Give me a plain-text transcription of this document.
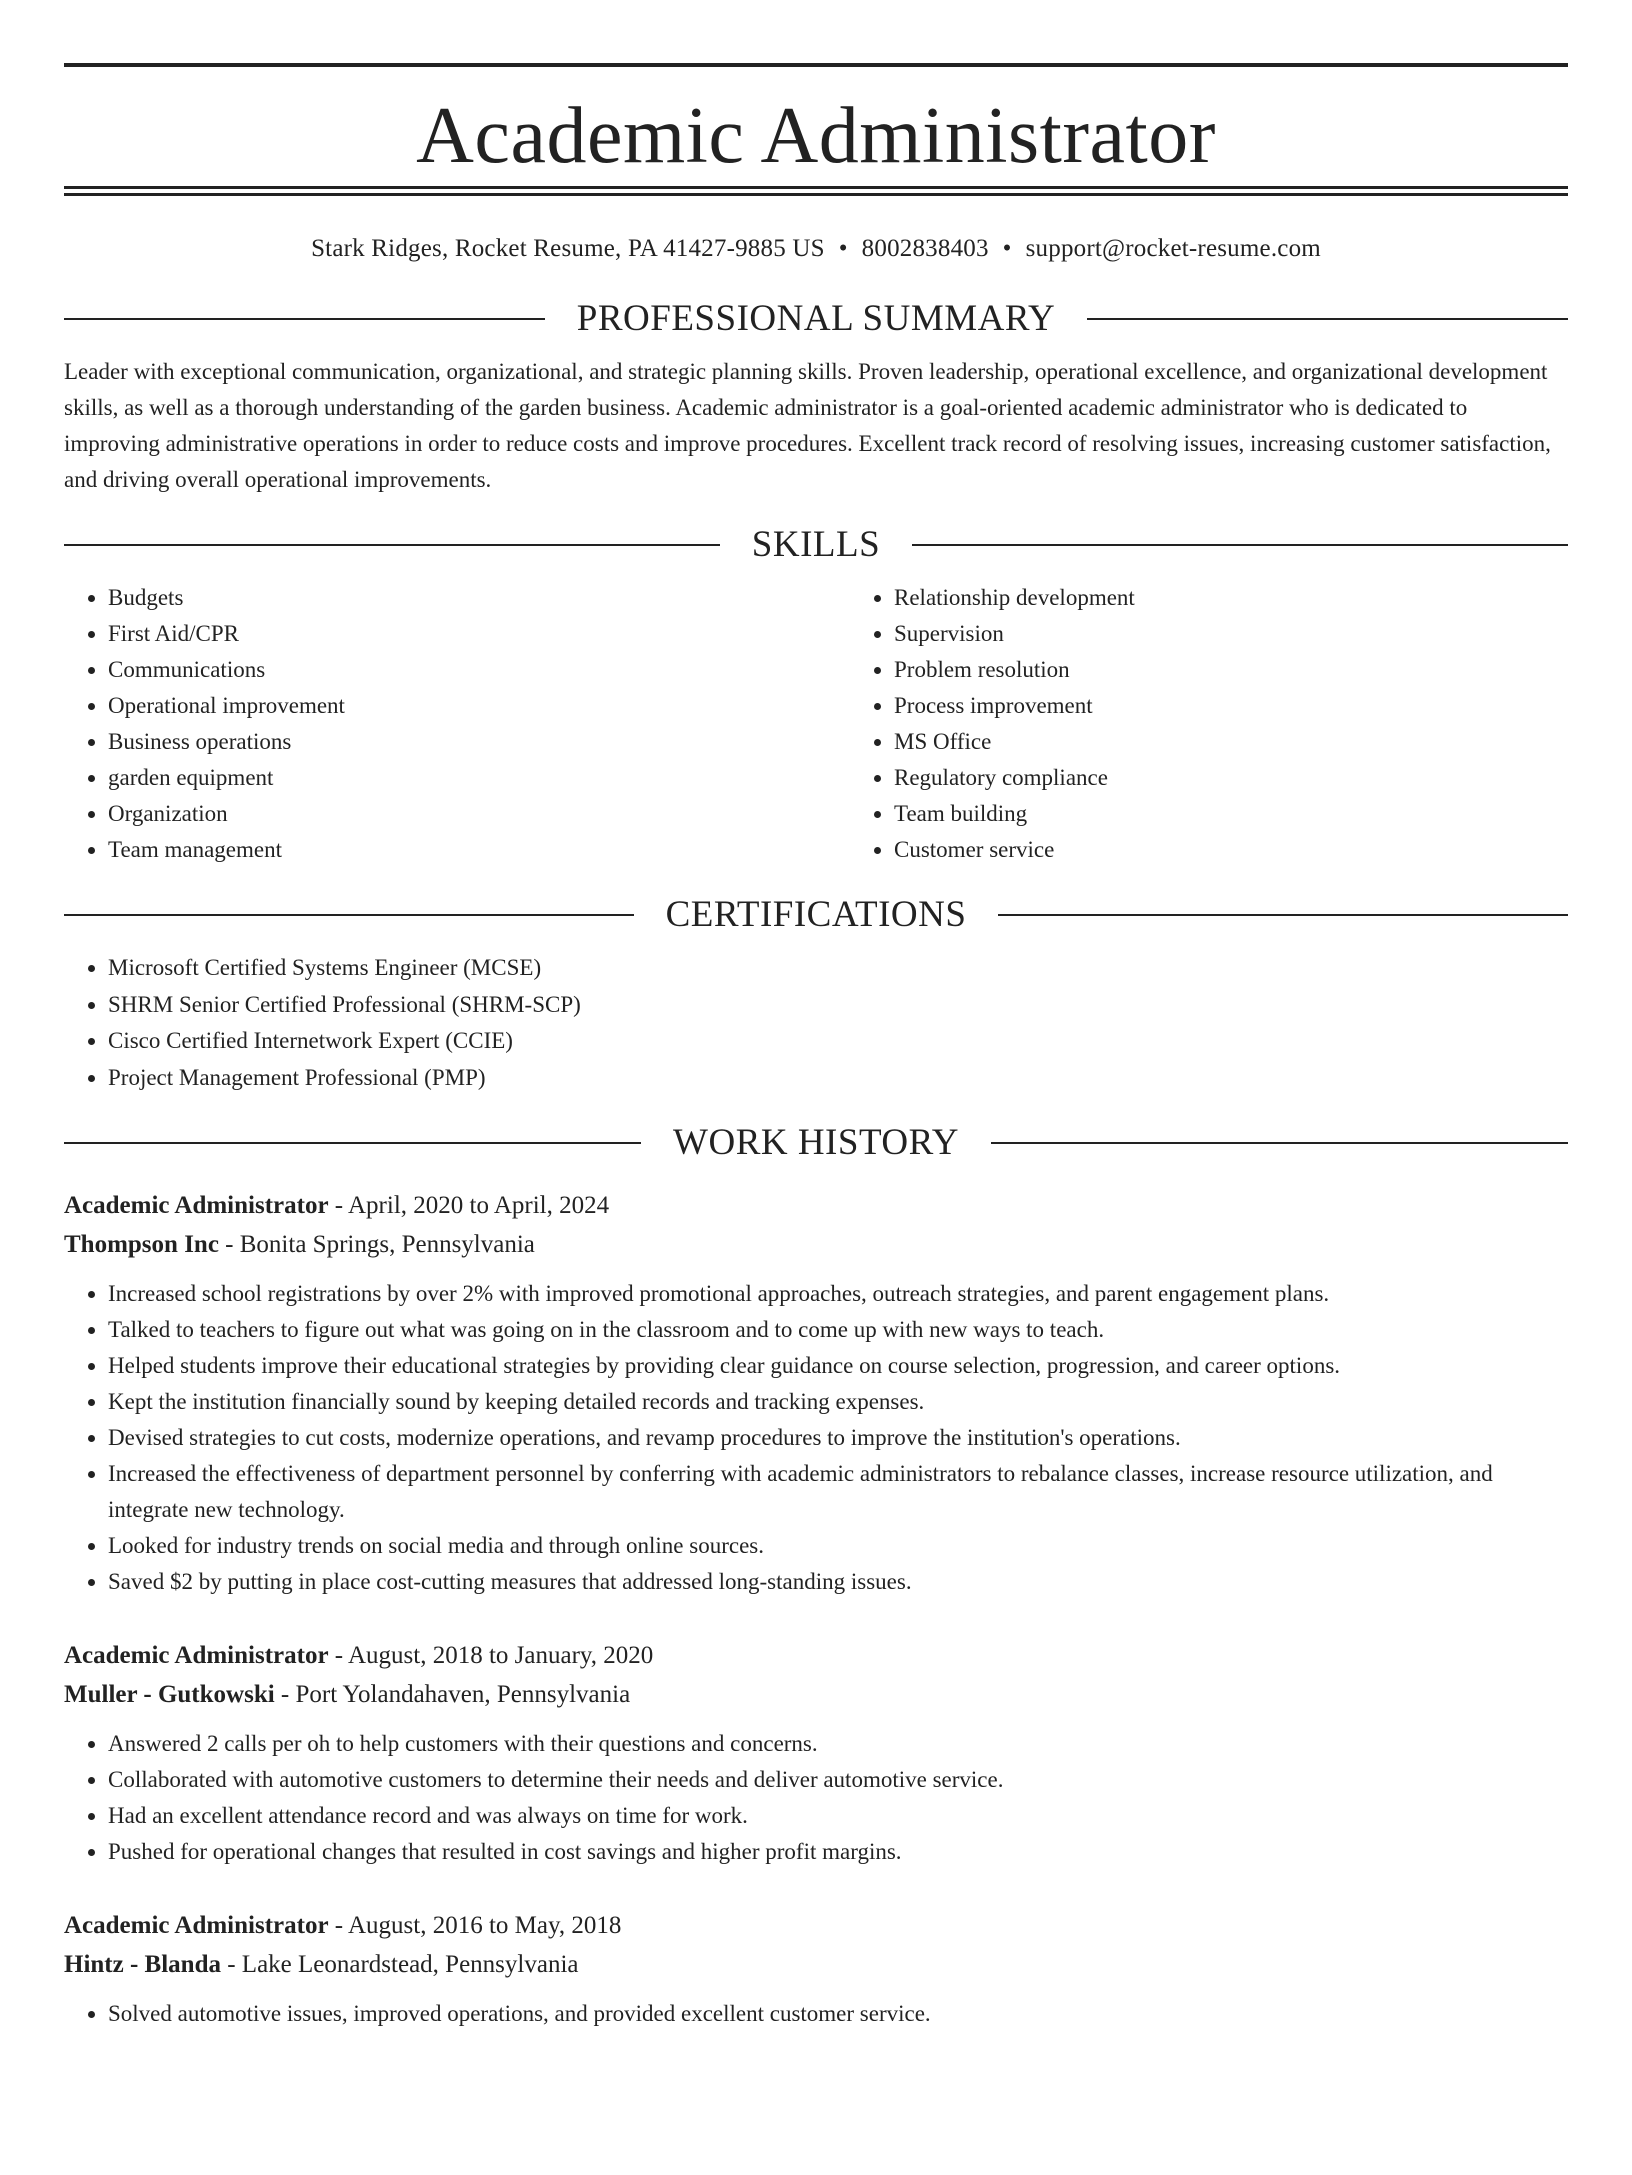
Academic Administrator
Stark Ridges, Rocket Resume, PA 41427-9885 US • 8002838403 • support@rocket-resume.com
PROFESSIONAL SUMMARY
Leader with exceptional communication, organizational, and strategic planning skills. Proven leadership, operational excellence, and organizational development skills, as well as a thorough understanding of the garden business. Academic administrator is a goal-oriented academic administrator who is dedicated to improving administrative operations in order to reduce costs and improve procedures. Excellent track record of resolving issues, increasing customer satisfaction, and driving overall operational improvements.
SKILLS
• Budgets
• First Aid/CPR
• Communications
• Operational improvement
• Business operations
• garden equipment
• Organization
• Team management
• Relationship development
• Supervision
• Problem resolution
• Process improvement
• MS Office
• Regulatory compliance
• Team building
• Customer service
CERTIFICATIONS
• Microsoft Certified Systems Engineer (MCSE)
• SHRM Senior Certified Professional (SHRM-SCP)
• Cisco Certified Internetwork Expert (CCIE)
• Project Management Professional (PMP)
WORK HISTORY
Academic Administrator - April, 2020 to April, 2024
Thompson Inc - Bonita Springs, Pennsylvania
• Increased school registrations by over 2% with improved promotional approaches, outreach strategies, and parent engagement plans.
• Talked to teachers to figure out what was going on in the classroom and to come up with new ways to teach.
• Helped students improve their educational strategies by providing clear guidance on course selection, progression, and career options.
• Kept the institution financially sound by keeping detailed records and tracking expenses.
• Devised strategies to cut costs, modernize operations, and revamp procedures to improve the institution's operations.
• Increased the effectiveness of department personnel by conferring with academic administrators to rebalance classes, increase resource utilization, and integrate new technology.
• Looked for industry trends on social media and through online sources.
• Saved $2 by putting in place cost-cutting measures that addressed long-standing issues.
Academic Administrator - August, 2018 to January, 2020
Muller - Gutkowski - Port Yolandahaven, Pennsylvania
• Answered 2 calls per oh to help customers with their questions and concerns.
• Collaborated with automotive customers to determine their needs and deliver automotive service.
• Had an excellent attendance record and was always on time for work.
• Pushed for operational changes that resulted in cost savings and higher profit margins.
Academic Administrator - August, 2016 to May, 2018
Hintz - Blanda - Lake Leonardstead, Pennsylvania
• Solved automotive issues, improved operations, and provided excellent customer service.
